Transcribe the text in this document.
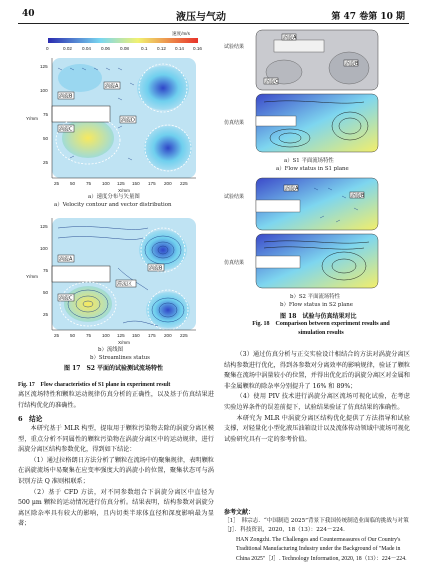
40	液压与气动	第 47 卷第 10 期
速度/m/s
0	0.02 0.04 0.06 0.08	0.1 0.12 0.14 0.16
涡旋A
涡旋B
涡旋C
涡旋D
Y/mm
125
100
75
50
25
25 50 75 100 125 150 175 200 225
X/mm
涡旋A
涡旋B
涡旋C
滞流区
Y/mm
125
100
75
50
25
25 50 75 100 125 150 175 200 225
X/mm
a）速度分布与矢量图
a）Velocity contour and vector distribution
b）流线图
b）Streamlines status
图 17　S2 平面的试验测试流场特性
Fig. 17　Flow characteristics of S1 plane in experiment result
涡旋A
涡旋B
涡旋C
试验结果
仿真结果
涡旋A
涡旋B
试验结果
仿真结果
a）S1 平面流场特性
a）Flow status in S1 plane
b）S2 平面流场特性
b）Flow status in S2 plane
图 18　试验与仿真结果对比
Fig. 18　Comparison between experiment results and simulation results

离区流场特性和颗粒运动规律仿真分析的正确性，以及基于仿真结果进行结构优化的准确性。

6　结论

本研究基于 MLR 构型，提取用于颗粒污染物去除的涡旋分离区模型，重点分析不同属性的颗粒污染物在涡旋分离区中的运动规律，进行涡旋分离区结构参数优化，得到如下结论：

（1）通过拉格朗日方法分析了颗粒在流场中的聚集规律，表明颗粒在涡旋流场中易聚集在应变率强度大的涡旋小的位置，聚集状态可与涡识别方法 Q 准则相联系；

（2）基于 CFD 方法，对不同参数组合下涡旋分离区中直径为 500 μm 颗粒的运动情况进行仿真分析。结果表明，结构参数对涡旋分离区除杂率具有较大的影响，且内切类半球体直径和深度影响最为显著；

（3）通过仿真分析与正交实验设计相结合的方法对涡旋分离区结构参数进行优化，得到各参数对分离效率的影响规律，验证了颗粒聚集在流场中涡量较小的位置，并得出优化后的涡旋分离区对金属和非金属颗粒的除杂率分别提升了 16% 和 89%；

（4）使用 PIV 技术进行涡旋分离区流场可视化试验，在考虑实验边界条件的误差前提下，试验结果验证了仿真结果的准确性。

本研究为 MLR 中涡旋分离区结构优化提供了方法指导和试验支撑，对轻量化小型化液压油箱设计以及流体传动领域中流场可视化试验研究具有一定的参考价值。

参考文献：
［1］　韩宗志．“中国制造 2025”背景下我国传统制造业面临的挑战与对策［J］．科技资讯，2020，18（13）：224－224．
HAN Zongzhi. The Challenges and Countermeasures of Our Country's Traditional Manufacturing Industry under the Background of "Made in China 2025"［J］. Technology Information, 2020, 18（13）：224－224.
